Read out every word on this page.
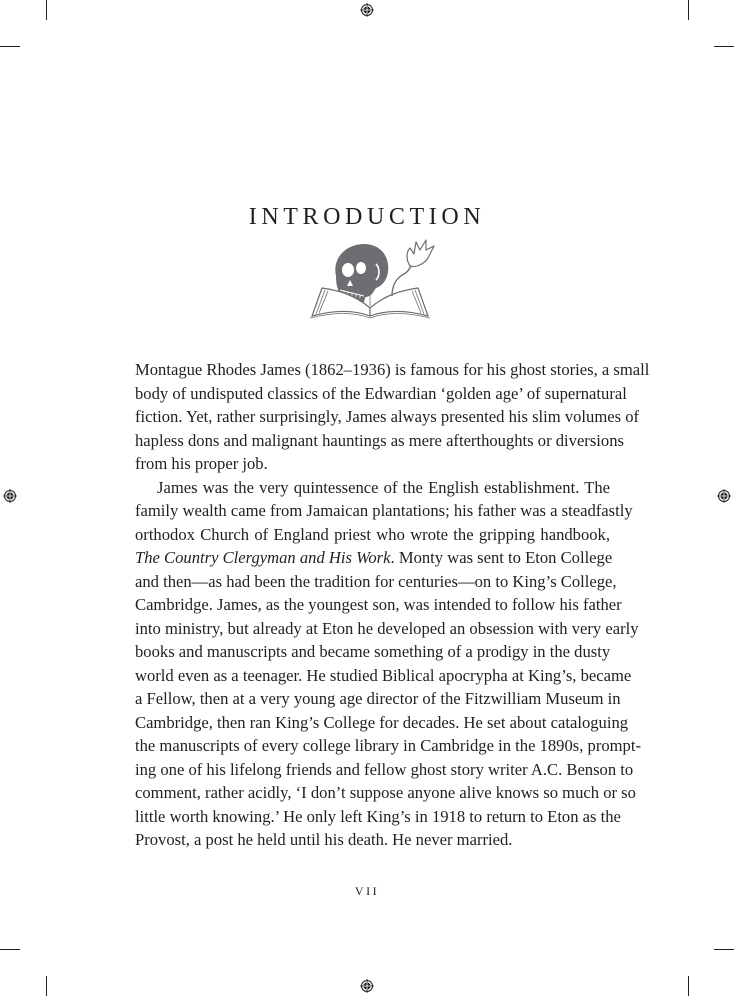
INTRODUCTION

Montague Rhodes James (1862–1936) is famous for his ghost stories, a small
body of undisputed classics of the Edwardian ‘golden age’ of supernatural
fiction. Yet, rather surprisingly, James always presented his slim volumes of
hapless dons and malignant hauntings as mere afterthoughts or diversions
from his proper job.

James was the very quintessence of the English establishment. The
family wealth came from Jamaican plantations; his father was a steadfastly
orthodox Church of England priest who wrote the gripping handbook,
The Country Clergyman and His Work. Monty was sent to Eton College
and then—as had been the tradition for centuries—on to King’s College,
Cambridge. James, as the youngest son, was intended to follow his father
into ministry, but already at Eton he developed an obsession with very early
books and manuscripts and became something of a prodigy in the dusty
world even as a teenager. He studied Biblical apocrypha at King’s, became
a Fellow, then at a very young age director of the Fitzwilliam Museum in
Cambridge, then ran King’s College for decades. He set about cataloguing
the manuscripts of every college library in Cambridge in the 1890s, prompt-
ing one of his lifelong friends and fellow ghost story writer A.C. Benson to
comment, rather acidly, ‘I don’t suppose anyone alive knows so much or so
little worth knowing.’ He only left King’s in 1918 to return to Eton as the
Provost, a post he held until his death. He never married.

VII
